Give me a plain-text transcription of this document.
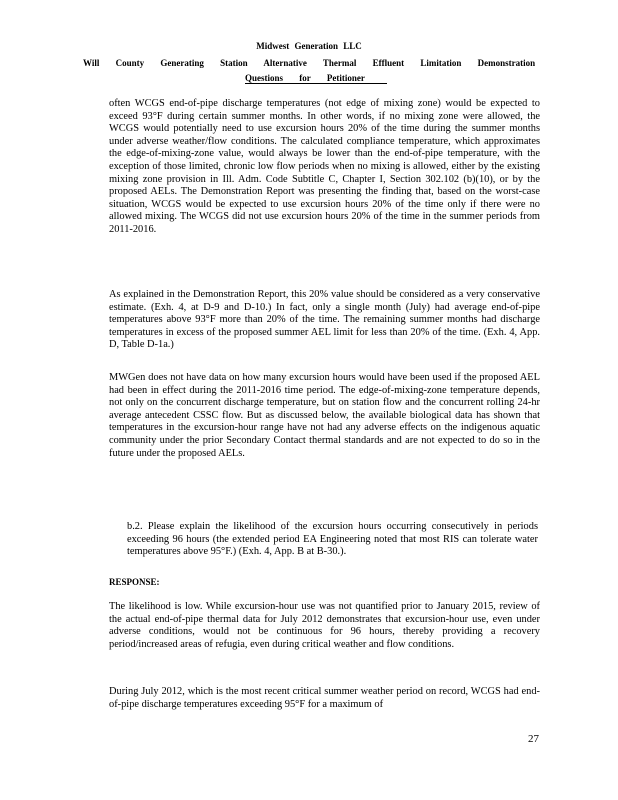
Midwest Generation LLC
Will County Generating Station Alternative Thermal Effluent Limitation Demonstration
Questions for Petitioner
often WCGS end-of-pipe discharge temperatures (not edge of mixing zone) would be expected to exceed 93°F during certain summer months. In other words, if no mixing zone were allowed, the WCGS would potentially need to use excursion hours 20% of the time during the summer months under adverse weather/flow conditions. The calculated compliance temperature, which approximates the edge-of-mixing-zone value, would always be lower than the end-of-pipe temperature, with the exception of those limited, chronic low flow periods when no mixing is allowed, either by the existing mixing zone provision in Ill. Adm. Code Subtitle C, Chapter I, Section 302.102 (b)(10), or by the proposed AELs. The Demonstration Report was presenting the finding that, based on the worst-case situation, WCGS would be expected to use excursion hours 20% of the time only if there were no allowed mixing. The WCGS did not use excursion hours 20% of the time in the summer periods from 2011-2016.
As explained in the Demonstration Report, this 20% value should be considered as a very conservative estimate. (Exh. 4, at D-9 and D-10.) In fact, only a single month (July) had average end-of-pipe temperatures above 93°F more than 20% of the time. The remaining summer months had discharge temperatures in excess of the proposed summer AEL limit for less than 20% of the time. (Exh. 4, App. D, Table D-1a.)
MWGen does not have data on how many excursion hours would have been used if the proposed AEL had been in effect during the 2011-2016 time period. The edge-of-mixing-zone temperature depends, not only on the concurrent discharge temperature, but on station flow and the concurrent rolling 24-hr average antecedent CSSC flow. But as discussed below, the available biological data has shown that temperatures in the excursion-hour range have not had any adverse effects on the indigenous aquatic community under the prior Secondary Contact thermal standards and are not expected to do so in the future under the proposed AELs.
b.2. Please explain the likelihood of the excursion hours occurring consecutively in periods exceeding 96 hours (the extended period EA Engineering noted that most RIS can tolerate water temperatures above 95°F.) (Exh. 4, App. B at B-30.).
RESPONSE:
The likelihood is low. While excursion-hour use was not quantified prior to January 2015, review of the actual end-of-pipe thermal data for July 2012 demonstrates that excursion-hour use, even under adverse conditions, would not be continuous for 96 hours, thereby providing a recovery period/increased areas of refugia, even during critical weather and flow conditions.
During July 2012, which is the most recent critical summer weather period on record, WCGS had end-of-pipe discharge temperatures exceeding 95°F for a maximum of
27
